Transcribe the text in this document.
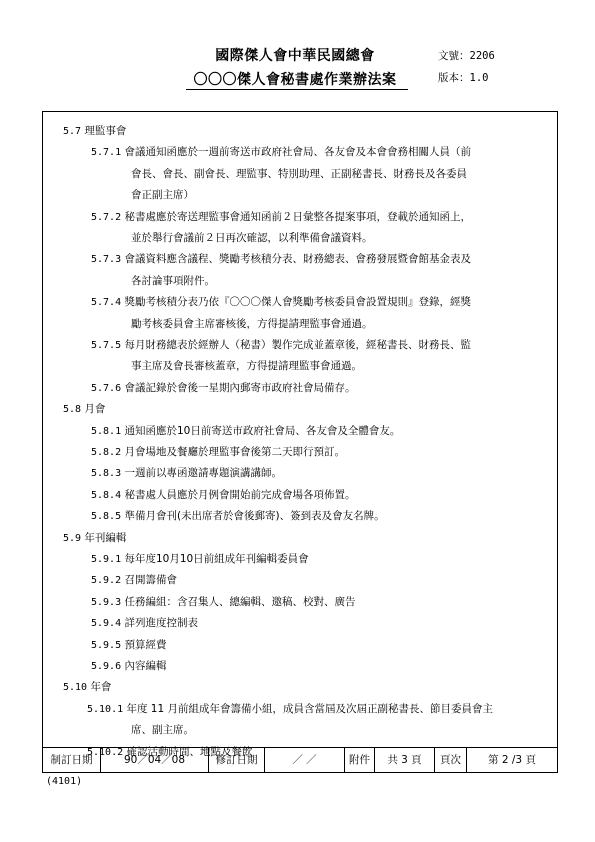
國際傑人會中華民國總會
〇〇〇傑人會秘書處作業辦法案
文號：2206
版本：1.0
5.7 理監事會
5.7.1 會議通知函應於一週前寄送市政府社會局、各友會及本會會務相關人員（前
會長、會長、副會長、理監事、特別助理、正副秘書長、財務長及各委員
會正副主席）
5.7.2 秘書處應於寄送理監事會通知函前２日彙整各提案事項，登載於通知函上，
並於舉行會議前２日再次確認，以利準備會議資料。
5.7.3 會議資料應含議程、獎勵考核積分表、財務總表、會務發展暨會館基金表及
各討論事項附件。
5.7.4 獎勵考核積分表乃依『〇〇〇傑人會獎勵考核委員會設置規則』登錄，經獎
勵考核委員會主席審核後，方得提請理監事會通過。
5.7.5 每月財務總表於經辦人（秘書）製作完成並蓋章後，經秘書長、財務長、監
事主席及會長審核蓋章，方得提請理監事會通過。
5.7.6 會議記錄於會後一星期內郵寄市政府社會局備存。
5.8 月會
5.8.1 通知函應於10日前寄送市政府社會局、各友會及全體會友。
5.8.2 月會場地及餐廳於理監事會後第二天即行預訂。
5.8.3 一週前以專函邀請專題演講講師。
5.8.4 秘書處人員應於月例會開始前完成會場各項佈置。
5.8.5 準備月會刊(未出席者於會後郵寄)、簽到表及會友名牌。
5.9 年刊編輯
5.9.1 每年度10月10日前組成年刊編輯委員會
5.9.2 召開籌備會
5.9.3 任務編組：含召集人、總編輯、邀稿、校對、廣告
5.9.4 詳列進度控制表
5.9.5 預算經費
5.9.6 內容編輯
5.10 年會
5.10.1 年度 11 月前組成年會籌備小組，成員含當屆及次屆正副秘書長、節目委員會主
席、副主席。
5.10.2 確認活動時間、地點及餐飲
制訂日期	90／04／08	修訂日期	／ ／	附件	共 3 頁	頁次	第 2 /3 頁
(4101)
